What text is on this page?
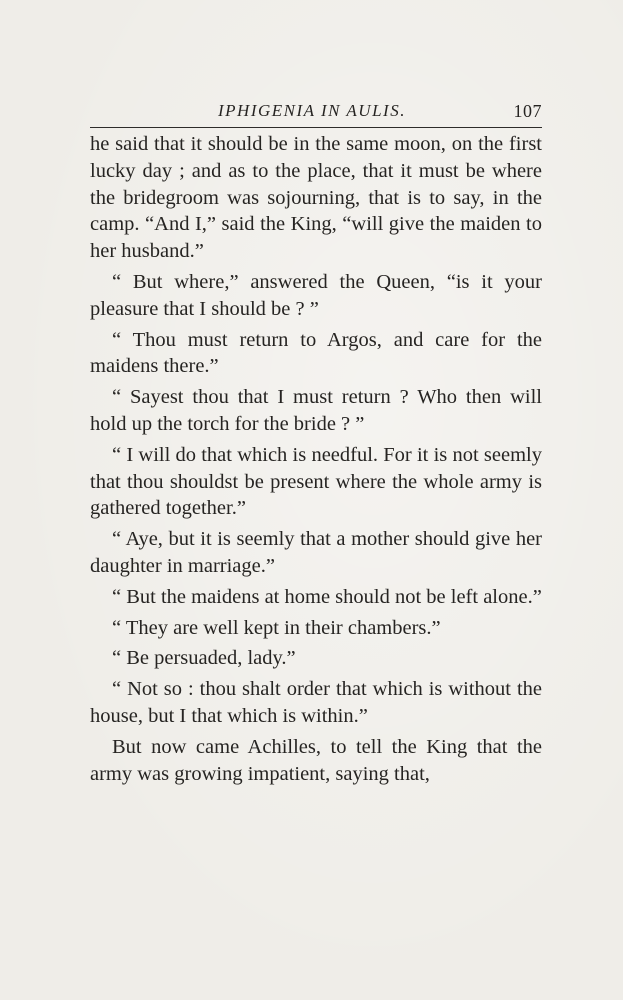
IPHIGENIA IN AULIS.	107

he said that it should be in the same moon, on the first lucky day ; and as to the place, that it must be where the bridegroom was sojourning, that is to say, in the camp. “And I,” said the King, “will give the maiden to her husband.”

“ But where,” answered the Queen, “is it your pleasure that I should be ? ”

“ Thou must return to Argos, and care for the maidens there.”

“ Sayest thou that I must return ? Who then will hold up the torch for the bride ? ”

“ I will do that which is needful. For it is not seemly that thou shouldst be present where the whole army is gathered together.”

“ Aye, but it is seemly that a mother should give her daughter in marriage.”

“ But the maidens at home should not be left alone.”

“ They are well kept in their chambers.”

“ Be persuaded, lady.”

“ Not so : thou shalt order that which is without the house, but I that which is within.”

But now came Achilles, to tell the King that the army was growing impatient, saying that,
